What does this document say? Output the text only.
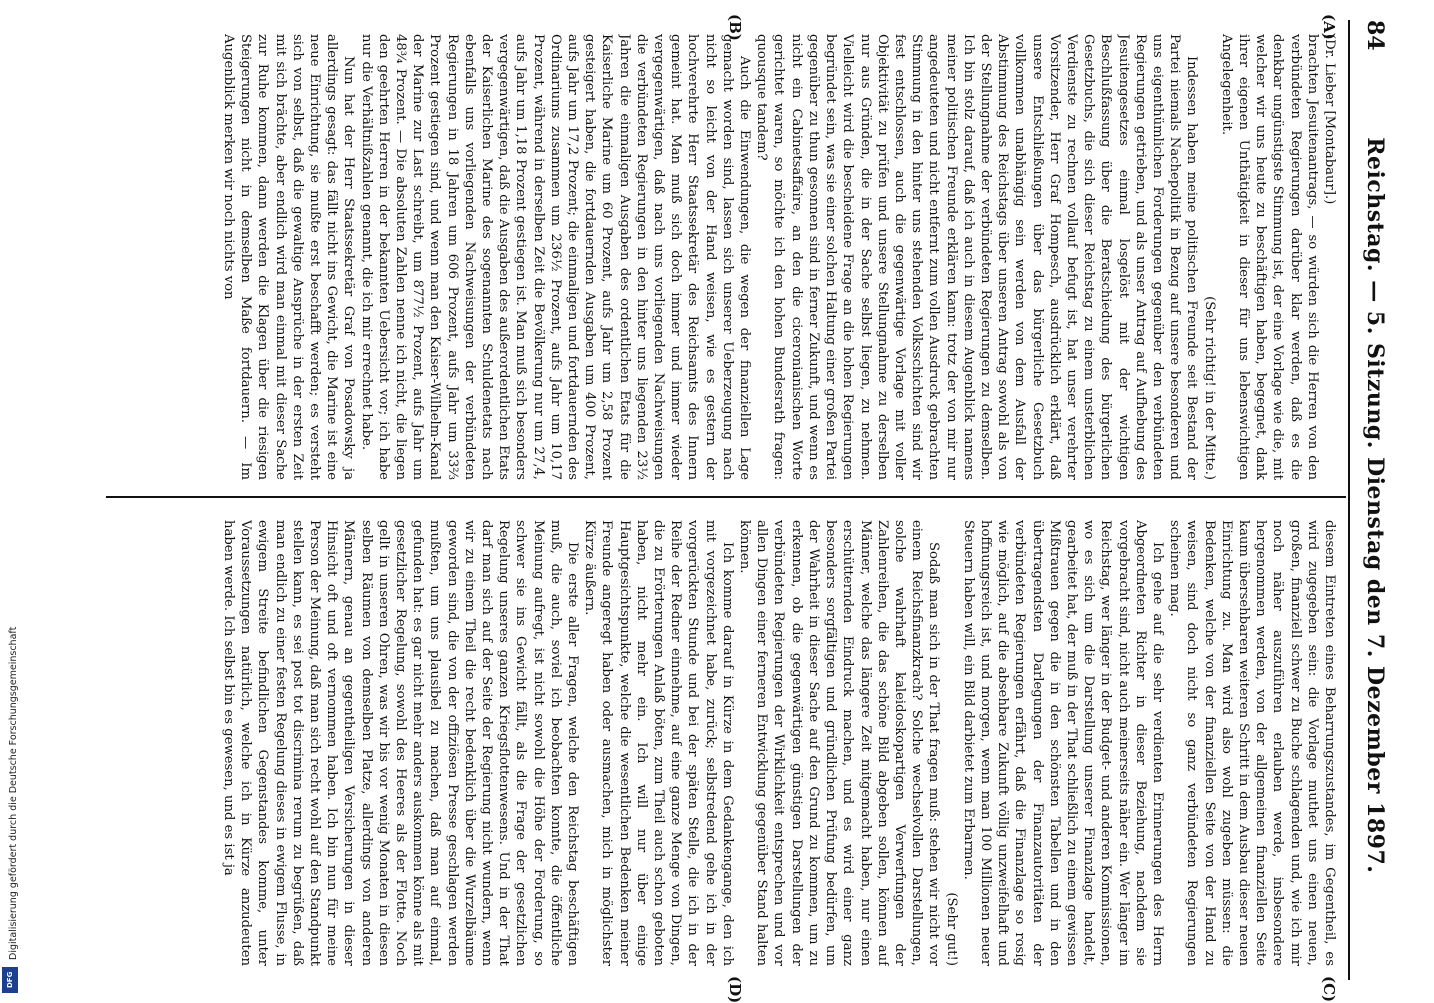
84
Reichstag. — 5. Sitzung. Dienstag den 7. Dezember 1897.
(A)
(B)
(C)
(D)

(Dr. Lieber [Montabaur].)

brachten Jesuitenantrags, — so würden sich die Herren von den verbündeten Regierungen darüber klar werden, daß es die denkbar ungünstigste Stimmung ist, der eine Vorlage wie die, mit welcher wir uns heute zu beschäftigen haben, begegnet, dank ihrer eigenen Unthätigkeit in dieser für uns lebenswichtigen Angelegenheit.

(Sehr richtig! in der Mitte.)

Indessen haben meine politischen Freunde seit Bestand der Partei niemals Nachepolitik in Bezug auf unsere besonderen und uns eigenthümlichen Forderungen gegenüber den verbündeten Regierungen getrieben, und als unser Antrag auf Aufhebung des Jesuitengesetzes einmal losgelöst mit der wichtigen Beschlußfassung über die Beratschiedung des bürgerlichen Gesetzbuchs, die sich dieser Reichstag zu einem unsterblichen Verdienste zu rechnen vollauf befugt ist, hat unser verehrter Vorsitzender, Herr Graf Hompesch, ausdrücklich erklärt, daß unsere Entschließungen über das bürgerliche Gesetzbuch vollkommen unabhängig sein werden von dem Ausfall der Abstimmung des Reichstags über unseren Antrag sowohl als von der Stellungnahme der verbündeten Regierungen zu demselben. Ich bin stolz darauf, daß ich auch in diesem Augenblick namens meiner politischen Freunde erklären kann: trotz der von mir nur angedeuteten und nicht entfernt zum vollen Ausdruck gebrachten Stimmung in den hinter uns stehenden Volksschichten sind wir fest entschlossen, auch die gegenwärtige Vorlage mit voller Objektivität zu prüfen und unsere Stellungnahme zu derselben nur aus Gründen, die in der Sache selbst liegen, zu nehmen. Vielleicht wird die bescheidene Frage an die hohen Regierungen begründet sein, was sie einer solchen Haltung einer großen Partei gegenüber zu thun gesonnen sind in ferner Zukunft, und wenn es nicht ein Cabinetsaffaire, an den die ciceronianischen Worte gerichtet waren, so möchte ich den hohen Bundesrath fragen: quousque tandem?

Auch die Einwendungen, die wegen der finanziellen Lage gemacht worden sind, lassen sich unserer Ueberzeugung nach nicht so leicht von der Hand weisen, wie es gestern der hochverehrte Herr Staatssekretär des Reichsamts des Innern gemeint hat. Man muß sich doch immer und immer wieder vergegenwärtigen, daß nach uns vorliegenden Nachweisungen die verbündeten Regierungen in den hinter uns liegenden 23½ Jahren die einmaligen Ausgaben des ordentlichen Etats für die Kaiserliche Marine um 60 Prozent, aufs Jahr um 2,58 Prozent gesteigert haben, die fortdauernden Ausgaben um 400 Prozent, aufs Jahr um 17,2 Prozent; die einmaligen und fortdauernden des Ordinariums zusammen um 236½ Prozent, aufs Jahr um 10,17 Prozent, während in derselben Zeit die Bevölkerung nur um 27,4, aufs Jahr um 1,18 Prozent gestiegen ist. Man muß sich besonders vergegenwärtigen, daß die Ausgaben des außerordentlichen Etats der Kaiserlichen Marine des sogenannten Schuldenetats nach ebenfalls uns vorliegenden Nachweisungen der verbündeten Regierungen in 18 Jahren um 606 Prozent, aufs Jahr um 33⅔ Prozent gestiegen sind, und wenn man den Kaiser-Wilhelm-Kanal der Marine zur Last schreibt, um 877½ Prozent, aufs Jahr um 48¾ Prozent. — Die absoluten Zahlen nenne ich nicht, die liegen den geehrten Herren in der bekannten Uebersicht vor; ich habe nur die Verhältnißzahlen genannt, die ich mir errechnet habe.

Nun hat der Herr Staatssekretär Graf von Posadowsky ja allerdings gesagt: das fällt nicht ins Gewicht, die Marine ist eine neue Einrichtung, sie mußte erst beschafft werden; es versteht sich von selbst, daß die gewaltige Ansprüche in der ersten Zeit mit sich brächte, aber endlich wird man einmal mit dieser Sache zur Ruhe kommen, dann werden die Klagen über die riesigen Steigerungen nicht in demselben Maße fortdauern. — Im Augenblick merken wir noch nichts von

diesem Eintreten eines Beharrungszustandes, im Gegentheil, es wird zugegeben sein: die Vorlage muthet uns einen neuen, großen, finanziell schwer zu Buche schlagenden und, wie ich mir noch näher auszuführen erlauben werde, insbesondere hergenommen werden, von der allgemeinen finanziellen Seite kaum übersehbaren weiteren Schritt in dem Ausbau dieser neuen Einrichtung zu. Man wird also wohl zugeben müssen: die Bedenken, welche von der finanziellen Seite von der Hand zu weisen, sind doch nicht so ganz verbündeten Regierungen scheinen mag.

Ich gehe auf die sehr verdienten Erinnerungen des Herrn Abgeordneten Richter in dieser Beziehung, nachdem sie vorgebracht sind, nicht auch meinerseits näher ein. Wer länger im Reichstag, wer länger in der Budget- und anderen Kommissionen, wo es sich um die Darstellung unserer Finanzlage handelt, gearbeitet hat, der muß in der That schließlich zu einem gewissen Mißtrauen gegen die in den schönsten Tabellen und in den übertragendsten Darlegungen der Finanzautoritäten der verbündeten Regierungen erfährt, daß die Finanzlage so rosig wie möglich, auf die absehbare Zukunft völlig unzweifelhaft und hoffnungsreich ist, und morgen, wenn man 100 Millionen neuer Steuern haben will, ein Bild darbietet zum Erbarmen.

(Sehr gut!)

Sodaß man sich in der That fragen muß: stehen wir nicht vor einem Reichsfinanzkrach? Solche wechselvollen Darstellungen, solche wahrhaft kaleidoskopartigen Verwerfungen der Zahlenreihen, die das schöne Bild abgeben sollen, können auf Männer, welche das längere Zeit mitgemacht haben, nur einen erschütternden Eindruck machen, und es wird einer ganz besonders sorgfältigen und gründlichen Prüfung bedürfen, um der Wahrheit in dieser Sache auf den Grund zu kommen, um zu erkennen, ob die gegenwärtigen günstigen Darstellungen der verbündeten Regierungen der Wirklichkeit entsprechen und vor allen Dingen einer ferneren Entwicklung gegenüber Stand halten können.

Ich komme darauf in Kürze in dem Gedankengange, den ich mit vorgezeichnet habe, zurück; selbstredend gehe ich in der vorgerückten Stunde und bei der späten Stelle, die ich in der Reihe der Redner einnehme, auf eine ganze Menge von Dingen, die zu Erörterungen Anlaß böten, zum Theil auch schon geboten haben, nicht mehr ein. Ich will nur über einige Hauptgesichtspunkte, welche die wesentlichen Bedenken meiner Freunde angeregt haben oder ausmachen, mich in möglichster Kürze äußern.

Die erste aller Fragen, welche den Reichstag beschäftigen muß, die auch, soviel ich beobachten konnte, die öffentliche Meinung aufregt, ist nicht sowohl die Höhe der Forderung, so schwer sie ins Gewicht fällt, als die Frage der gesetzlichen Regelung unseres ganzen Kriegsflottenwesens. Und in der That darf man sich auf der Seite der Regierung nicht wundern, wenn wir zu einem Theil die recht bedenklich über die Wurzelbäume geworden sind, die von der offiziösen Presse geschlagen werden mußten, um uns plausibel zu machen, daß man auf einmal, gefunden hat: es gar nicht mehr anders auskommen könne als mit gesetzlicher Regelung, sowohl des Heeres als der Flotte. Noch gellt in unseren Ohren, was wir bis vor wenig Monaten in diesen selben Räumen von demselben Platze, allerdings von anderen Männern, genau an gegentheiligen Versicherungen in dieser Hinsicht oft und oft vernommen haben. Ich bin nun für meine Person der Meinung, daß man sich recht wohl auf den Standpunkt stellen kann, es sei post tot discrimina rerum zu begrüßen, daß man endlich zu einer festen Regelung dieses in ewigem Flusse, in ewigem Streite befindlichen Gegenstandes komme, unter Voraussetzungen natürlich, welche ich in Kürze anzudeuten haben werde. Ich selbst bin es gewesen, und es ist ja

Digitalisierung gefördert durch die Deutsche Forschungsgemeinschaft
DFG
